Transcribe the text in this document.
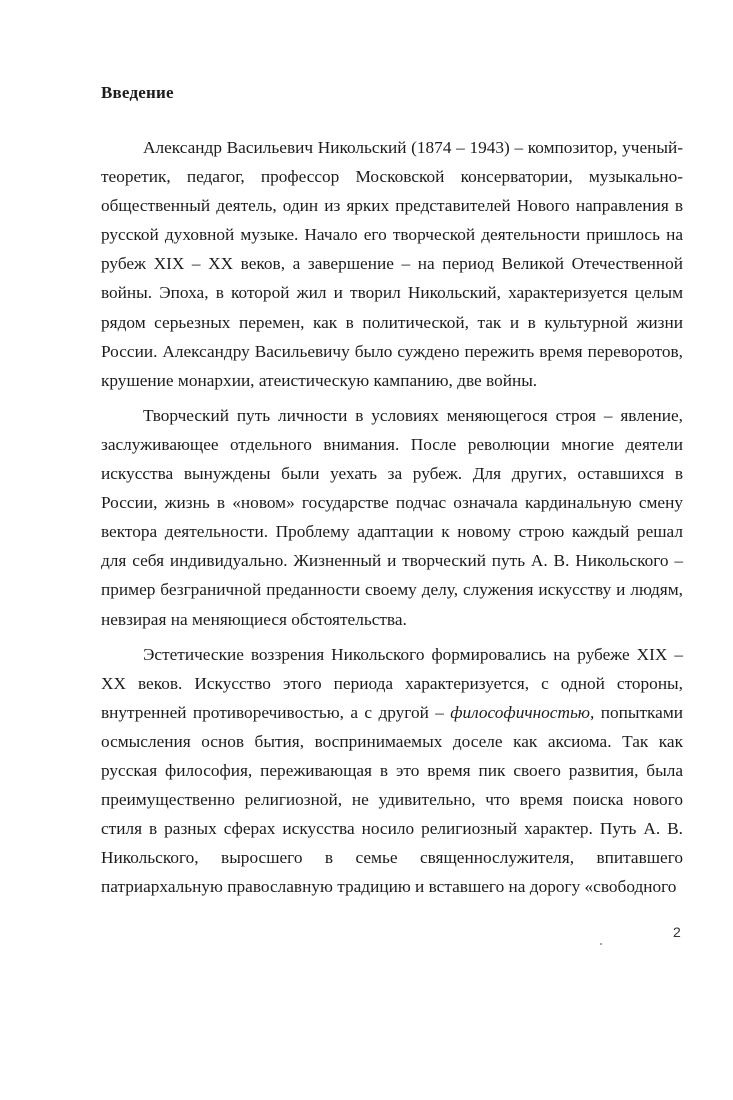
Введение

Александр Васильевич Никольский (1874 – 1943) – композитор, ученый-теоретик, педагог, профессор Московской консерватории, музыкально-общественный деятель, один из ярких представителей Нового направления в русской духовной музыке. Начало его творческой деятельности пришлось на рубеж XIX – XX веков, а завершение – на период Великой Отечественной войны. Эпоха, в которой жил и творил Никольский, характеризуется целым рядом серьезных перемен, как в политической, так и в культурной жизни России. Александру Васильевичу было суждено пережить время переворотов, крушение монархии, атеистическую кампанию, две войны.

Творческий путь личности в условиях меняющегося строя – явление, заслуживающее отдельного внимания. После революции многие деятели искусства вынуждены были уехать за рубеж. Для других, оставшихся в России, жизнь в «новом» государстве подчас означала кардинальную смену вектора деятельности. Проблему адаптации к новому строю каждый решал для себя индивидуально. Жизненный и творческий путь А. В. Никольского – пример безграничной преданности своему делу, служения искусству и людям, невзирая на меняющиеся обстоятельства.

Эстетические воззрения Никольского формировались на рубеже XIX – XX веков. Искусство этого периода характеризуется, с одной стороны, внутренней противоречивостью, а с другой – философичностью, попытками осмысления основ бытия, воспринимаемых доселе как аксиома. Так как русская философия, переживающая в это время пик своего развития, была преимущественно религиозной, не удивительно, что время поиска нового стиля в разных сферах искусства носило религиозный характер. Путь А. В. Никольского, выросшего в семье священнослужителя, впитавшего патриархальную православную традицию и вставшего на дорогу «свободного

2
